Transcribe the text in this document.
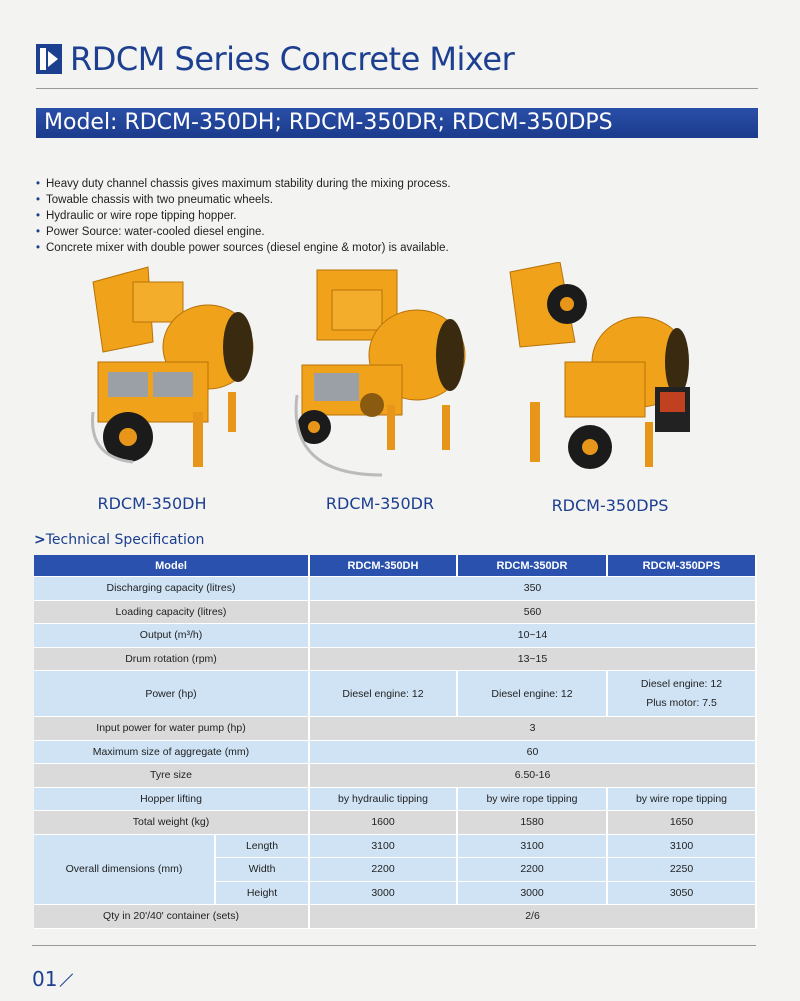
RDCM Series Concrete Mixer
Model: RDCM-350DH; RDCM-350DR; RDCM-350DPS
• Heavy duty channel chassis gives maximum stability during the mixing process.
• Towable chassis with two pneumatic wheels.
• Hydraulic or wire rope tipping hopper.
• Power Source: water-cooled diesel engine.
• Concrete mixer with double power sources (diesel engine & motor) is available.
RDCM-350DH	RDCM-350DR	RDCM-350DPS
>Technical Specification
Model		RDCM-350DH	RDCM-350DR	RDCM-350DPS
Discharging capacity (litres)		350		
Loading capacity (litres)		560		
Output (m³/h)		10~14		
Drum rotation (rpm)		13~15		
Power (hp)		Diesel engine: 12	Diesel engine: 12	Diesel engine: 12
Plus motor: 7.5

Input power for water pump (hp)		3		
Maximum size of aggregate (mm)		60		
Tyre size		6.50-16		
Hopper lifting		by hydraulic tipping	by wire rope tipping	by wire rope tipping
Total weight (kg)		1600	1580	1650
Overall dimensions (mm)	Length	3100	3100	3100
	Width	2200	2200	2250
	Height	3000	3000	3050
Qty in 20'/40' container (sets)		2/6		
01
